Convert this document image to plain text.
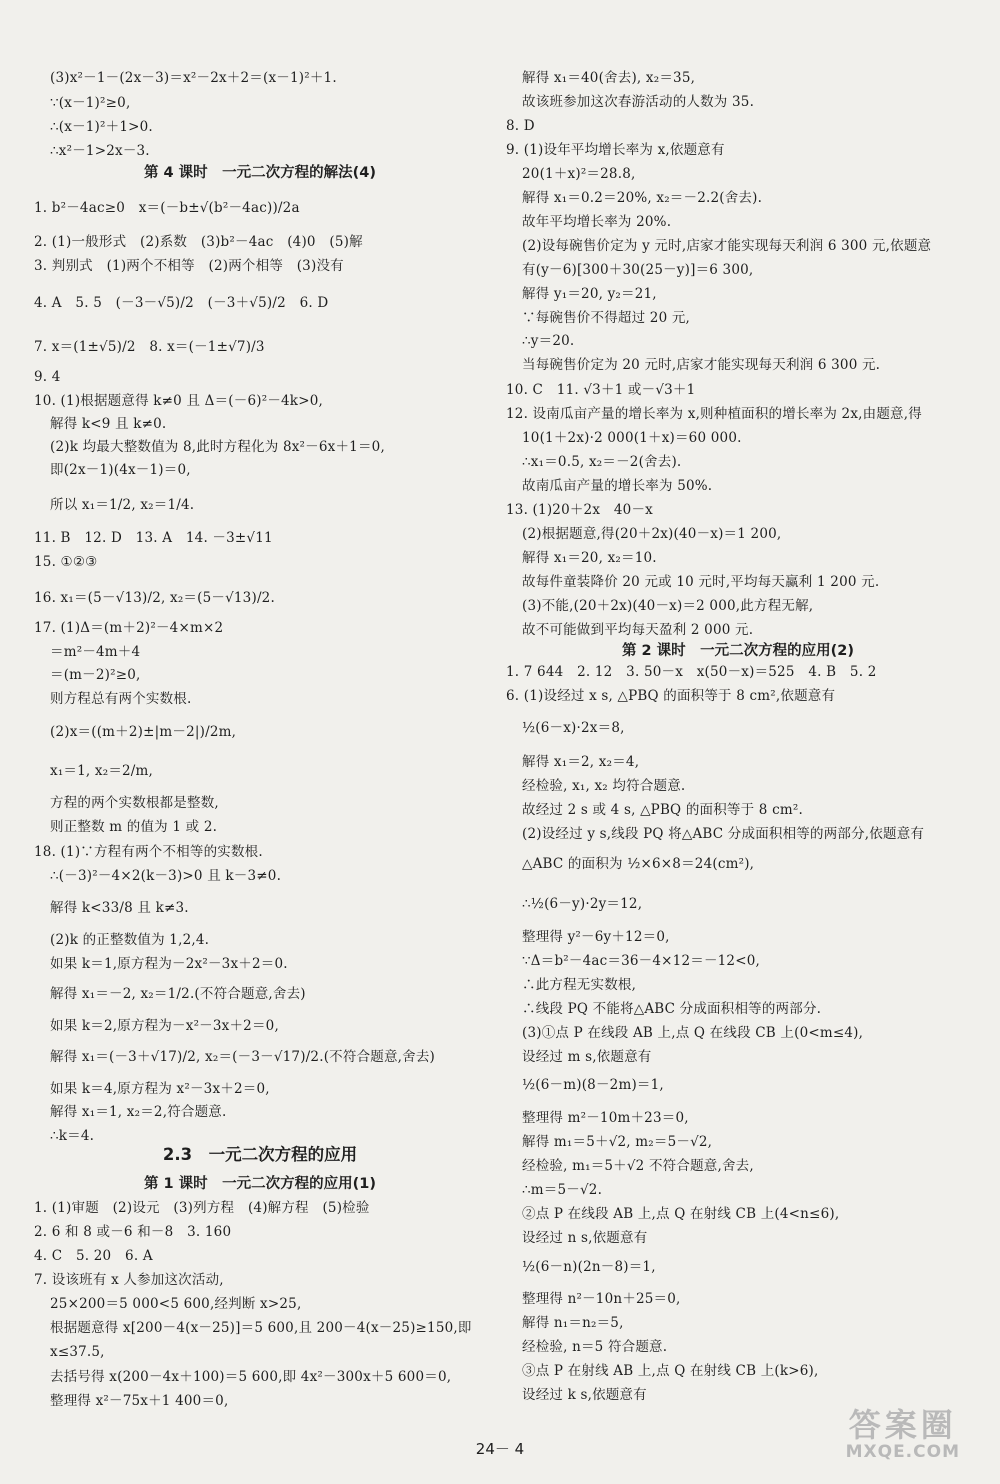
(3)x²－1－(2x－3)＝x²－2x＋2＝(x－1)²＋1.
∵(x－1)²≥0,
∴(x－1)²＋1>0.
∴x²－1>2x－3.
第 4 课时　一元二次方程的解法(4)
1. b²－4ac≥0　x＝(－b±√(b²－4ac))/2a
2. (1)一般形式　(2)系数　(3)b²－4ac　(4)0　(5)解
3. 判别式　(1)两个不相等　(2)两个相等　(3)没有
4. A　5. 5　(－3－√5)/2　(－3＋√5)/2　6. D
7. x＝(1±√5)/2　8. x＝(－1±√7)/3
9. 4
10. (1)根据题意得 k≠0 且 Δ＝(－6)²－4k>0,
解得 k<9 且 k≠0.
(2)k 均最大整数值为 8,此时方程化为 8x²－6x＋1＝0,
即(2x－1)(4x－1)＝0,
所以 x₁＝1/2, x₂＝1/4.
11. B　12. D　13. A　14. －3±√11
15. ①②③
16. x₁＝(5－√13)/2, x₂＝(5－√13)/2.
17. (1)Δ＝(m＋2)²－4×m×2
＝m²－4m＋4
＝(m－2)²≥0,
则方程总有两个实数根.
(2)x＝((m＋2)±|m－2|)/2m,
x₁＝1, x₂＝2/m,
方程的两个实数根都是整数,
则正整数 m 的值为 1 或 2.
18. (1)∵方程有两个不相等的实数根.
∴(－3)²－4×2(k－3)>0 且 k－3≠0.
解得 k<33/8 且 k≠3.
(2)k 的正整数值为 1,2,4.
如果 k＝1,原方程为－2x²－3x＋2＝0.
解得 x₁＝－2, x₂＝1/2.(不符合题意,舍去)
如果 k＝2,原方程为－x²－3x＋2＝0,
解得 x₁＝(－3＋√17)/2, x₂＝(－3－√17)/2.(不符合题意,舍去)
如果 k＝4,原方程为 x²－3x＋2＝0,
解得 x₁＝1, x₂＝2,符合题意.
∴k＝4.
2.3　一元二次方程的应用
第 1 课时　一元二次方程的应用(1)
1. (1)审题　(2)设元　(3)列方程　(4)解方程　(5)检验
2. 6 和 8 或－6 和－8　3. 160
4. C　5. 20　6. A
7. 设该班有 x 人参加这次活动,
25×200＝5 000<5 600,经判断 x>25,
根据题意得 x[200－4(x－25)]＝5 600,且 200－4(x－25)≥150,即
x≤37.5,
去括号得 x(200－4x＋100)＝5 600,即 4x²－300x＋5 600＝0,
整理得 x²－75x＋1 400＝0,
解得 x₁＝40(舍去), x₂＝35,
故该班参加这次春游活动的人数为 35.
8. D
9. (1)设年平均增长率为 x,依题意有
20(1＋x)²＝28.8,
解得 x₁＝0.2＝20%, x₂＝－2.2(舍去).
故年平均增长率为 20%.
(2)设每碗售价定为 y 元时,店家才能实现每天利润 6 300 元,依题意
有(y－6)[300＋30(25－y)]＝6 300,
解得 y₁＝20, y₂＝21,
∵每碗售价不得超过 20 元,
∴y＝20.
当每碗售价定为 20 元时,店家才能实现每天利润 6 300 元.
10. C　11. √3＋1 或－√3＋1
12. 设南瓜亩产量的增长率为 x,则种植面积的增长率为 2x,由题意,得
10(1＋2x)·2 000(1＋x)＝60 000.
∴x₁＝0.5, x₂＝－2(舍去).
故南瓜亩产量的增长率为 50%.
13. (1)20＋2x　40－x
(2)根据题意,得(20＋2x)(40－x)＝1 200,
解得 x₁＝20, x₂＝10.
故每件童装降价 20 元或 10 元时,平均每天赢利 1 200 元.
(3)不能,(20＋2x)(40－x)＝2 000,此方程无解,
故不可能做到平均每天盈利 2 000 元.
第 2 课时　一元二次方程的应用(2)
1. 7 644　2. 12　3. 50－x　x(50－x)＝525　4. B　5. 2
6. (1)设经过 x s, △PBQ 的面积等于 8 cm²,依题意有
½(6－x)·2x＝8,
解得 x₁＝2, x₂＝4,
经检验, x₁, x₂ 均符合题意.
故经过 2 s 或 4 s, △PBQ 的面积等于 8 cm².
(2)设经过 y s,线段 PQ 将△ABC 分成面积相等的两部分,依题意有
△ABC 的面积为 ½×6×8＝24(cm²),
∴½(6－y)·2y＝12,
整理得 y²－6y＋12＝0,
∵Δ＝b²－4ac＝36－4×12＝－12<0,
∴此方程无实数根,
∴线段 PQ 不能将△ABC 分成面积相等的两部分.
(3)①点 P 在线段 AB 上,点 Q 在线段 CB 上(0<m≤4),
设经过 m s,依题意有
½(6－m)(8－2m)＝1,
整理得 m²－10m＋23＝0,
解得 m₁＝5＋√2, m₂＝5－√2,
经检验, m₁＝5＋√2 不符合题意,舍去,
∴m＝5－√2.
②点 P 在线段 AB 上,点 Q 在射线 CB 上(4<n≤6),
设经过 n s,依题意有
½(6－n)(2n－8)＝1,
整理得 n²－10n＋25＝0,
解得 n₁＝n₂＝5,
经检验, n＝5 符合题意.
③点 P 在射线 AB 上,点 Q 在射线 CB 上(k>6),
设经过 k s,依题意有
24－ 4
答案圈
MXQE.COM
